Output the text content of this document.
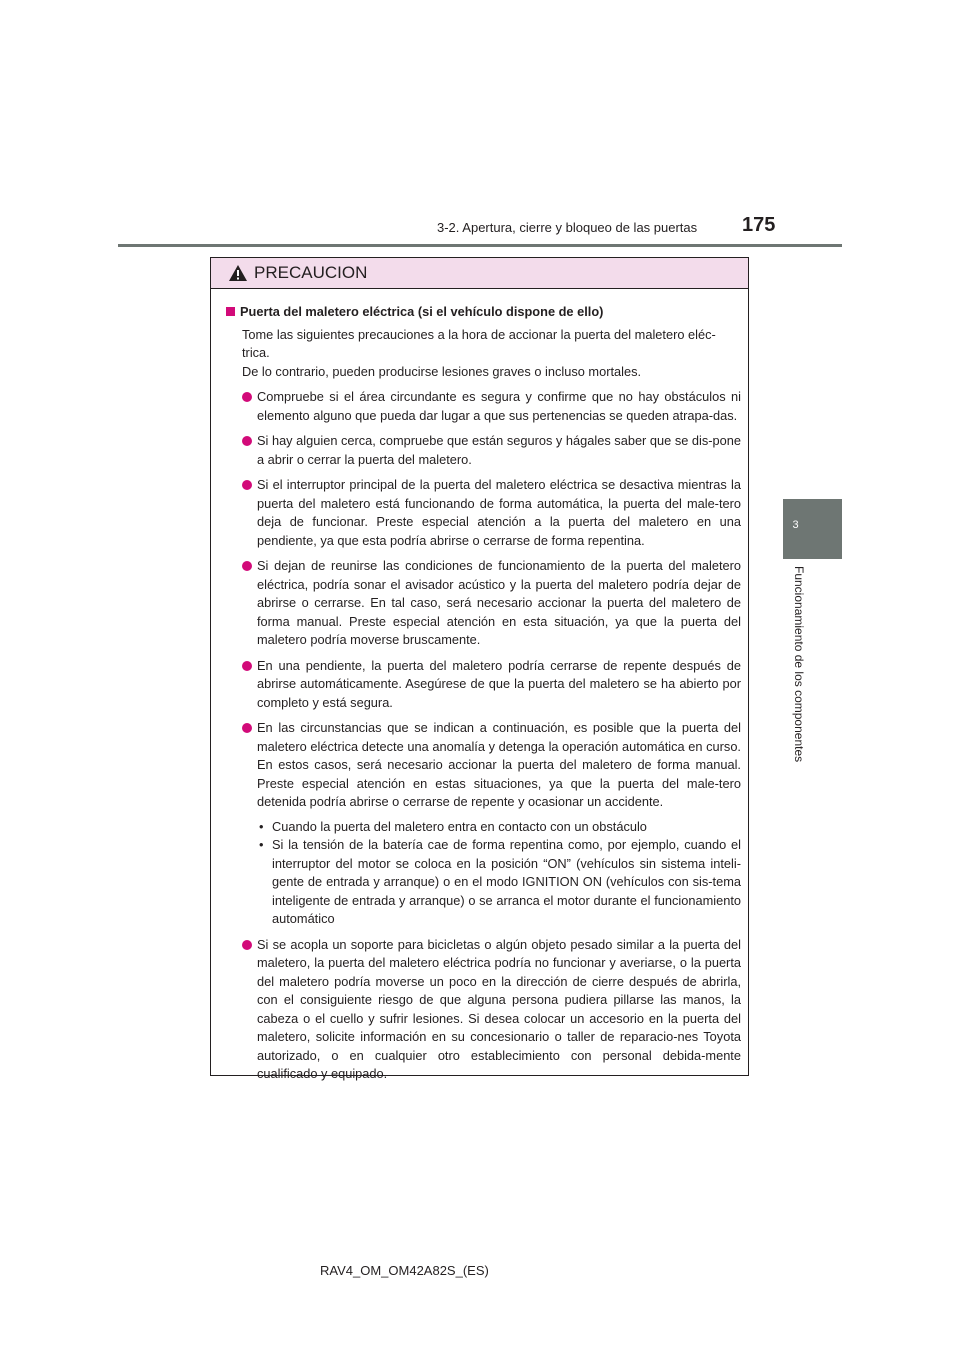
3-2. Apertura, cierre y bloqueo de las puertas 175
3
Funcionamiento de los componentes
PRECAUCION
Puerta del maletero eléctrica (si el vehículo dispone de ello)
Tome las siguientes precauciones a la hora de accionar la puerta del maletero eléc-trica.
De lo contrario, pueden producirse lesiones graves o incluso mortales.
Compruebe si el área circundante es segura y confirme que no hay obstáculos ni elemento alguno que pueda dar lugar a que sus pertenencias se queden atrapa-das.
Si hay alguien cerca, compruebe que están seguros y hágales saber que se dis-pone a abrir o cerrar la puerta del maletero.
Si el interruptor principal de la puerta del maletero eléctrica se desactiva mientras la puerta del maletero está funcionando de forma automática, la puerta del male-tero deja de funcionar. Preste especial atención a la puerta del maletero en una pendiente, ya que esta podría abrirse o cerrarse de forma repentina.
Si dejan de reunirse las condiciones de funcionamiento de la puerta del maletero eléctrica, podría sonar el avisador acústico y la puerta del maletero podría dejar de abrirse o cerrarse. En tal caso, será necesario accionar la puerta del maletero de forma manual. Preste especial atención en esta situación, ya que la puerta del maletero podría moverse bruscamente.
En una pendiente, la puerta del maletero podría cerrarse de repente después de abrirse automáticamente. Asegúrese de que la puerta del maletero se ha abierto por completo y está segura.
En las circunstancias que se indican a continuación, es posible que la puerta del maletero eléctrica detecte una anomalía y detenga la operación automática en curso. En estos casos, será necesario accionar la puerta del maletero de forma manual. Preste especial atención en estas situaciones, ya que la puerta del male-tero detenida podría abrirse o cerrarse de repente y ocasionar un accidente.
• Cuando la puerta del maletero entra en contacto con un obstáculo
• Si la tensión de la batería cae de forma repentina como, por ejemplo, cuando el interruptor del motor se coloca en la posición “ON” (vehículos sin sistema inteli-gente de entrada y arranque) o en el modo IGNITION ON (vehículos con sis-tema inteligente de entrada y arranque) o se arranca el motor durante el funcionamiento automático
Si se acopla un soporte para bicicletas o algún objeto pesado similar a la puerta del maletero, la puerta del maletero eléctrica podría no funcionar y averiarse, o la puerta del maletero podría moverse un poco en la dirección de cierre después de abrirla, con el consiguiente riesgo de que alguna persona pudiera pillarse las manos, la cabeza o el cuello y sufrir lesiones. Si desea colocar un accesorio en la puerta del maletero, solicite información en su concesionario o taller de reparacio-nes Toyota autorizado, o en cualquier otro establecimiento con personal debida-mente cualificado y equipado.
RAV4_OM_OM42A82S_(ES)
